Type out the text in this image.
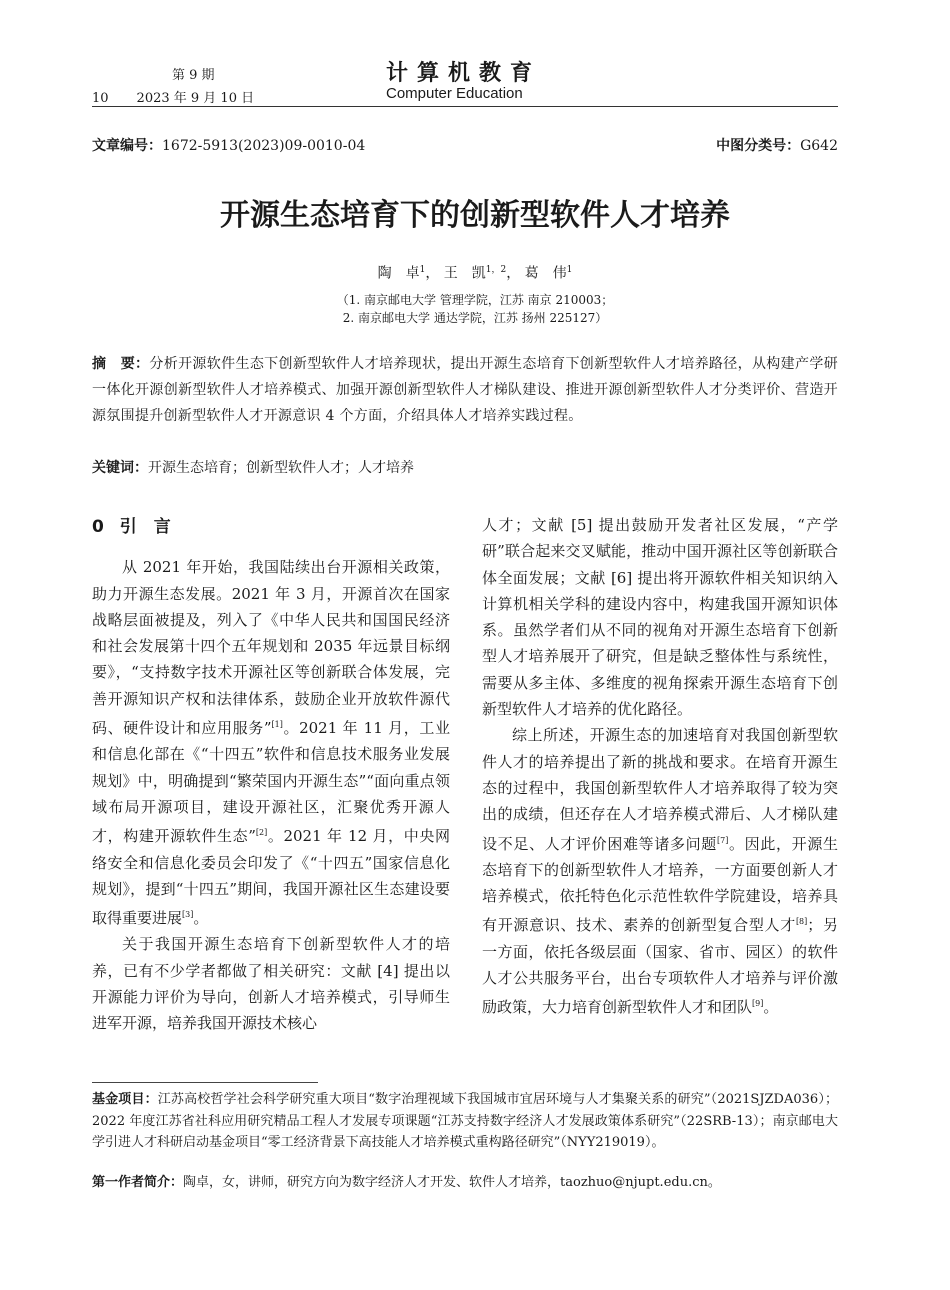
第 9 期
10 2023 年 9 月 10 日
计算机教育
Computer Education
文章编号：1672-5913(2023)09-0010-04	中图分类号：G642
开源生态培育下的创新型软件人才培养
陶　卓$^1$， 王　凯$^{1,2}$， 葛　伟$^1$
（1. 南京邮电大学 管理学院，江苏 南京 210003；
2. 南京邮电大学 通达学院，江苏 扬州 225127）
摘　要：分析开源软件生态下创新型软件人才培养现状，提出开源生态培育下创新型软件人才培养路径，从构建产学研一体化开源创新型软件人才培养模式、加强开源创新型软件人才梯队建设、推进开源创新型软件人才分类评价、营造开源氛围提升创新型软件人才开源意识 4 个方面，介绍具体人才培养实践过程。
关键词：开源生态培育；创新型软件人才；人才培养
0 引　言

从 2021 年开始，我国陆续出台开源相关政策，助力开源生态发展。2021 年 3 月，开源首次在国家战略层面被提及，列入了《中华人民共和国国民经济和社会发展第十四个五年规划和 2035 年远景目标纲要》，“支持数字技术开源社区等创新联合体发展，完善开源知识产权和法律体系，鼓励企业开放软件源代码、硬件设计和应用服务”[1]。2021 年 11 月，工业和信息化部在《“十四五”软件和信息技术服务业发展规划》中，明确提到“繁荣国内开源生态”“面向重点领域布局开源项目，建设开源社区，汇聚优秀开源人才，构建开源软件生态”[2]。2021 年 12 月，中央网络安全和信息化委员会印发了《“十四五”国家信息化规划》，提到“十四五”期间，我国开源社区生态建设要取得重要进展[3]。

关于我国开源生态培育下创新型软件人才的培养，已有不少学者都做了相关研究：文献 [4] 提出以开源能力评价为导向，创新人才培养模式，引导师生进军开源，培养我国开源技术核心

人才；文献 [5] 提出鼓励开发者社区发展，“产学研”联合起来交叉赋能，推动中国开源社区等创新联合体全面发展；文献 [6] 提出将开源软件相关知识纳入计算机相关学科的建设内容中，构建我国开源知识体系。虽然学者们从不同的视角对开源生态培育下创新型人才培养展开了研究，但是缺乏整体性与系统性，需要从多主体、多维度的视角探索开源生态培育下创新型软件人才培养的优化路径。

综上所述，开源生态的加速培育对我国创新型软件人才的培养提出了新的挑战和要求。在培育开源生态的过程中，我国创新型软件人才培养取得了较为突出的成绩，但还存在人才培养模式滞后、人才梯队建设不足、人才评价困难等诸多问题[7]。因此，开源生态培育下的创新型软件人才培养，一方面要创新人才培养模式，依托特色化示范性软件学院建设，培养具有开源意识、技术、素养的创新型复合型人才[8]；另一方面，依托各级层面（国家、省市、园区）的软件人才公共服务平台，出台专项软件人才培养与评价激励政策，大力培育创新型软件人才和团队[9]。

基金项目：江苏高校哲学社会科学研究重大项目“数字治理视域下我国城市宜居环境与人才集聚关系的研究”（2021SJZDA036）；2022 年度江苏省社科应用研究精品工程人才发展专项课题“江苏支持数字经济人才发展政策体系研究”（22SRB-13）；南京邮电大学引进人才科研启动基金项目“零工经济背景下高技能人才培养模式重构路径研究”（NYY219019）。
第一作者简介：陶卓，女，讲师，研究方向为数字经济人才开发、软件人才培养，taozhuo@njupt.edu.cn。
